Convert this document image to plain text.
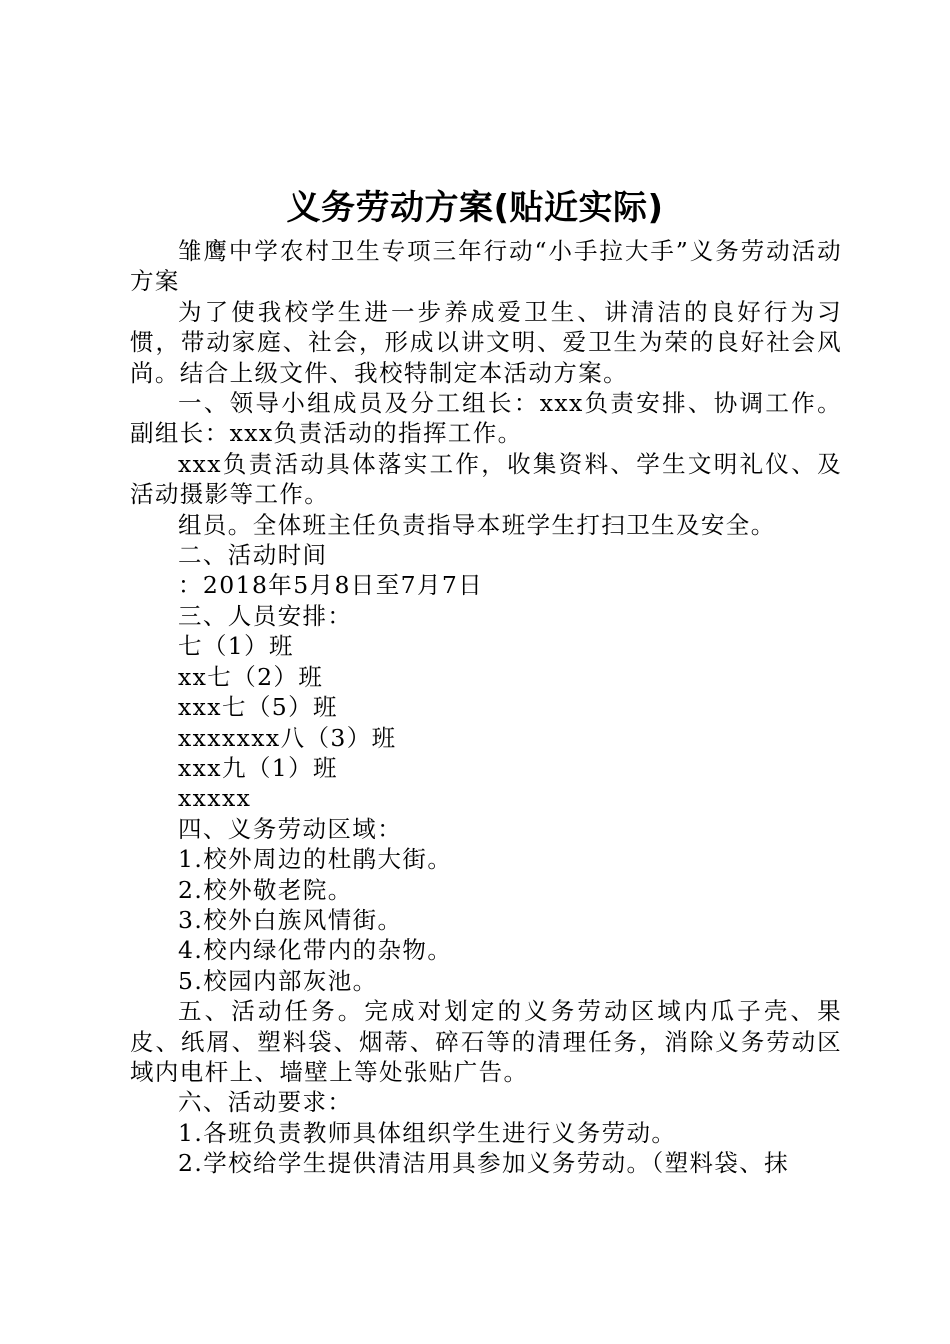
义务劳动方案(贴近实际)

雏鹰中学农村卫生专项三年行动“小手拉大手”义务劳动活动方案

为了使我校学生进一步养成爱卫生、讲清洁的良好行为习惯，带动家庭、社会，形成以讲文明、爱卫生为荣的良好社会风尚。结合上级文件、我校特制定本活动方案。

一、领导小组成员及分工组长：xxx负责安排、协调工作。副组长：xxx负责活动的指挥工作。

xxx负责活动具体落实工作，收集资料、学生文明礼仪、及活动摄影等工作。

组员。全体班主任负责指导本班学生打扫卫生及安全。

二、活动时间

：2018年5月8日至7月7日

三、人员安排：

七（1）班

xx七（2）班

xxx七（5）班

xxxxxxx八（3）班

xxx九（1）班

xxxxx

四、义务劳动区域：

1.校外周边的杜鹃大街。

2.校外敬老院。

3.校外白族风情街。

4.校内绿化带内的杂物。

5.校园内部灰池。

五、活动任务。完成对划定的义务劳动区域内瓜子壳、果皮、纸屑、塑料袋、烟蒂、碎石等的清理任务，消除义务劳动区域内电杆上、墙壁上等处张贴广告。

六、活动要求：

1.各班负责教师具体组织学生进行义务劳动。

2.学校给学生提供清洁用具参加义务劳动。（塑料袋、抹
